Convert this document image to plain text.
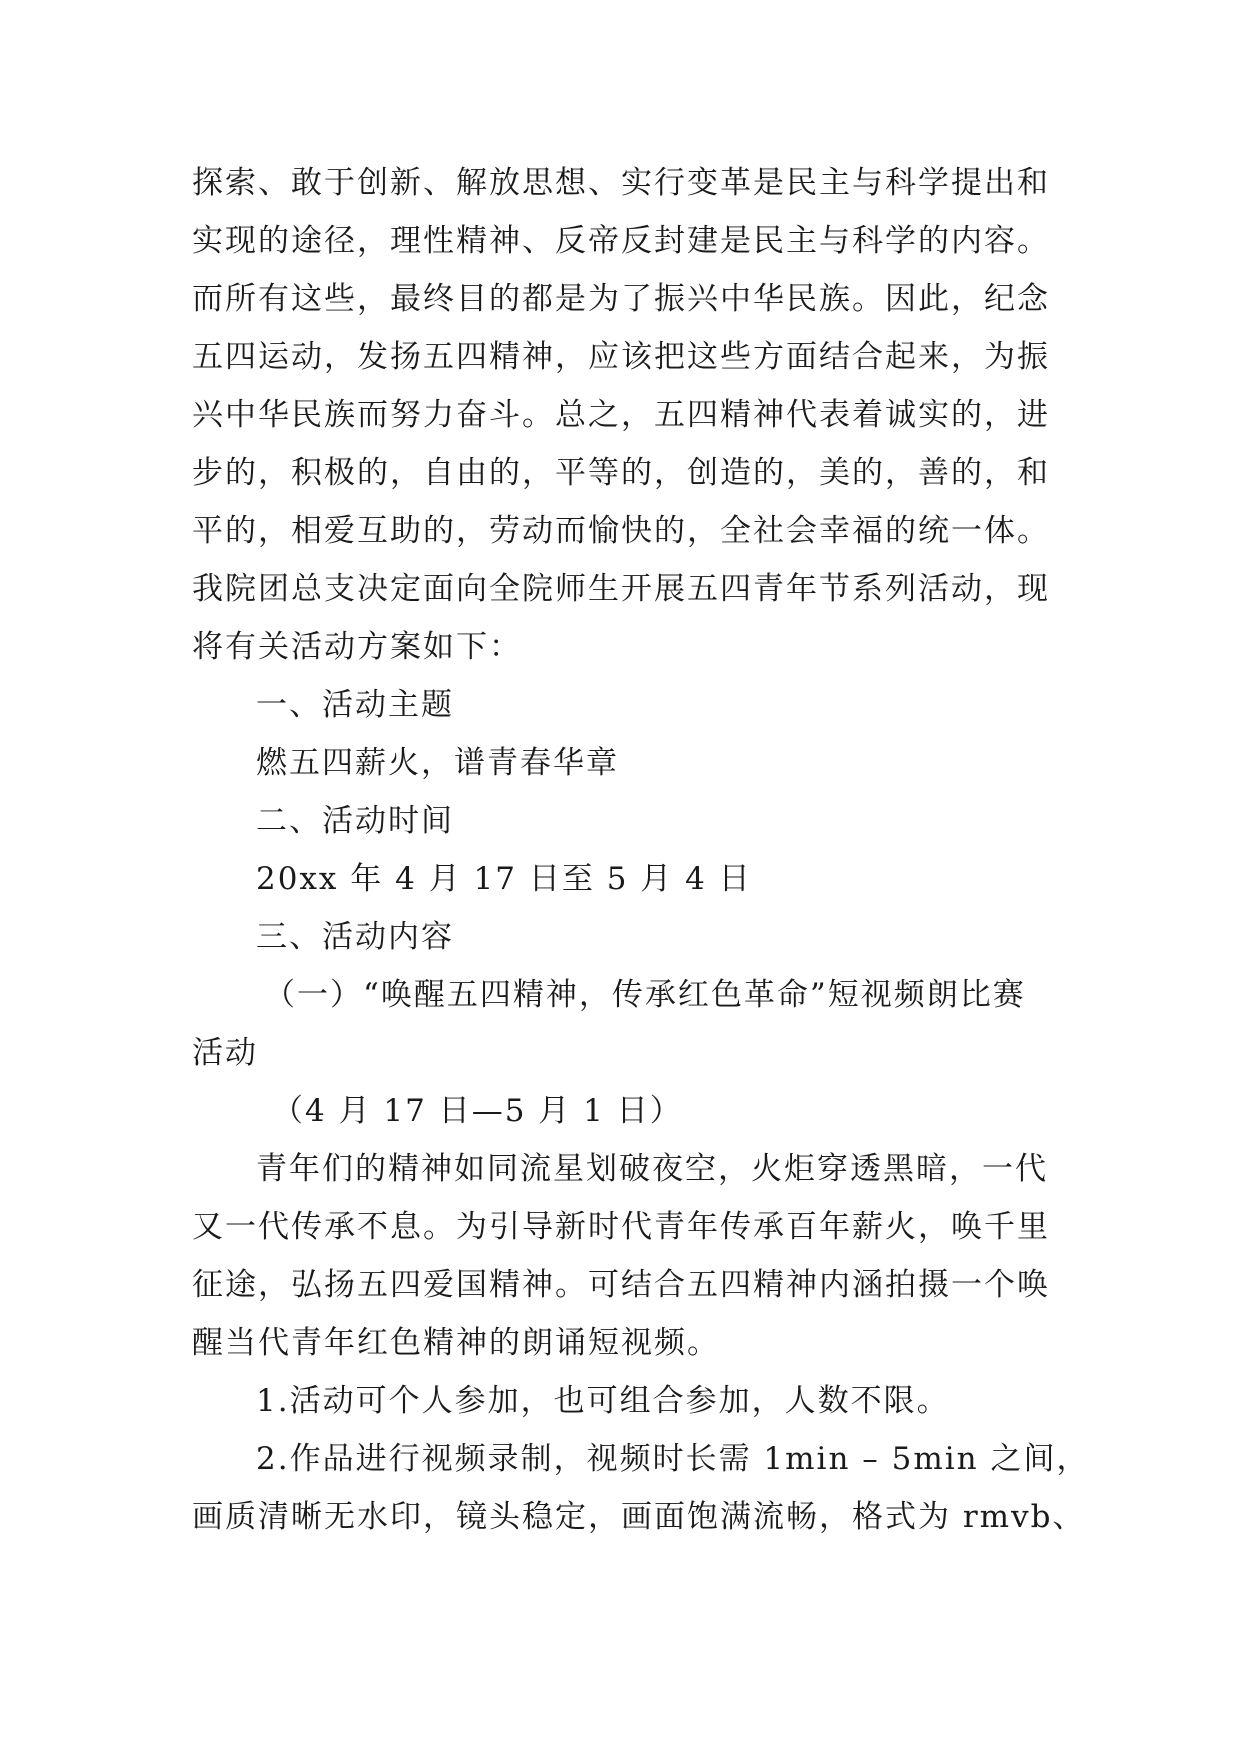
探索、敢于创新、解放思想、实行变革是民主与科学提出和
实现的途径，理性精神、反帝反封建是民主与科学的内容。
而所有这些，最终目的都是为了振兴中华民族。因此，纪念
五四运动，发扬五四精神，应该把这些方面结合起来，为振
兴中华民族而努力奋斗。总之，五四精神代表着诚实的，进
步的，积极的，自由的，平等的，创造的，美的，善的，和
平的，相爱互助的，劳动而愉快的，全社会幸福的统一体。
我院团总支决定面向全院师生开展五四青年节系列活动，现
将有关活动方案如下：
一、活动主题
燃五四薪火，谱青春华章
二、活动时间
20xx 年 4 月 17 日至 5 月 4 日
三、活动内容
（一）“唤醒五四精神，传承红色革命”短视频朗比赛
活动
（4 月 17 日—5 月 1 日）
青年们的精神如同流星划破夜空，火炬穿透黑暗，一代
又一代传承不息。为引导新时代青年传承百年薪火，唤千里
征途，弘扬五四爱国精神。可结合五四精神内涵拍摄一个唤
醒当代青年红色精神的朗诵短视频。
1.活动可个人参加，也可组合参加，人数不限。
2.作品进行视频录制，视频时长需 1min – 5min 之间，
画质清晰无水印，镜头稳定，画面饱满流畅，格式为 rmvb、
